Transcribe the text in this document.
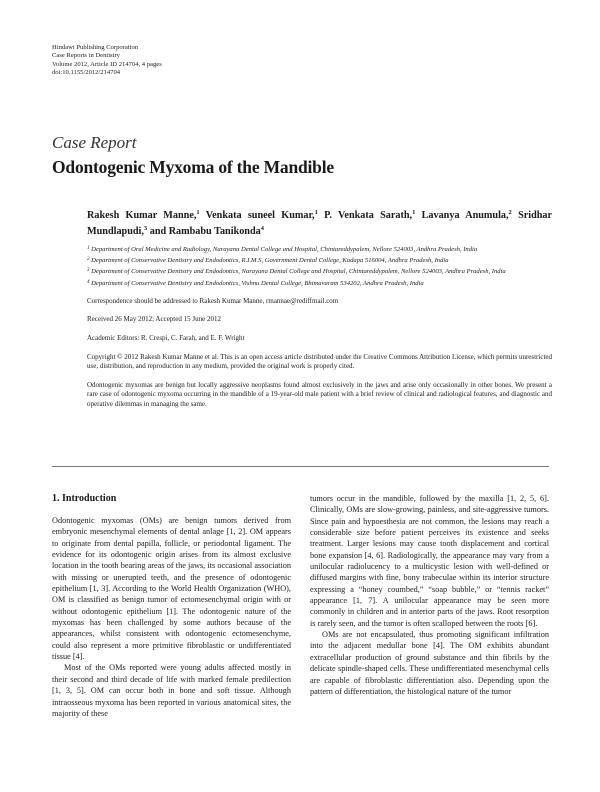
Hindawi Publishing Corporation
Case Reports in Dentistry
Volume 2012, Article ID 214704, 4 pages
doi:10.1155/2012/214704
Case Report
Odontogenic Myxoma of the Mandible

Rakesh Kumar Manne,$^1$ Venkata suneel Kumar,$^1$ P. Venkata Sarath,$^1$ Lavanya Anumula,$^2$ Sridhar Mundlapudi,$^3$ and Rambabu Tanikonda$^4$

$^1$ Department of Oral Medicine and Radiology, Narayana Dental College and Hospital, Chintareddypalem, Nellore 524003, Andhra Pradesh, India

$^2$ Department of Conservative Dentistry and Endodontics, R.I.M.S, Government Dental College, Kadapa 516004, Andhra Pradesh, India

$^3$ Department of Conservative Dentistry and Endodontics, Narayana Dental College and Hospital, Chintareddypalem, Nellore 524003, Andhra Pradesh, India

$^4$ Department of Conservative Dentistry and Endodontics, Vishnu Dental College, Bhimavaram 534202, Andhra Pradesh, India

Correspondence should be addressed to Rakesh Kumar Manne, rmannae@rediffmail.com

Received 26 May 2012; Accepted 15 June 2012

Academic Editors: R. Crespi, C. Farah, and E. F. Wright

Copyright © 2012 Rakesh Kumar Manne et al. This is an open access article distributed under the Creative Commons Attribution License, which permits unrestricted use, distribution, and reproduction in any medium, provided the original work is properly cited.

Odontogenic myxomas are benign but locally aggressive neoplasms found almost exclusively in the jaws and arise only occasionally in other bones. We present a rare case of odontogenic myxoma occurring in the mandible of a 19-year-old male patient with a brief review of clinical and radiological features, and diagnostic and operative dilemmas in managing the same.

1. Introduction

Odontogenic myxomas (OMs) are benign tumors derived from embryonic mesenchymal elements of dental anlage [1, 2]. OM appears to originate from dental papilla, follicle, or periodontal ligament. The evidence for its odontogenic origin arises from its almost exclusive location in the tooth bearing areas of the jaws, its occasional association with missing or unerupted teeth, and the presence of odontogenic epithelium [1, 3]. According to the World Health Organization (WHO), OM is classified as benign tumor of ectomesenchymal origin with or without odontogenic epithelium [1]. The odontogenic nature of the myxomas has been challenged by some authors because of the appearances, whilst consistent with odontogenic ectomesenchyme, could also represent a more primitive fibroblastic or undifferentiated tissue [4].

Most of the OMs reported were young adults affected mostly in their second and third decade of life with marked female predilection [1, 3, 5]. OM can occur both in bone and soft tissue. Although intraosseous myxoma has been reported in various anatomical sites, the majority of these

tumors occur in the mandible, followed by the maxilla [1, 2, 5, 6]. Clinically, OMs are slow-growing, painless, and site-aggressive tumors. Since pain and hypoesthesia are not common, the lesions may reach a considerable size before patient perceives its existence and seeks treatment. Larger lesions may cause tooth displacement and cortical bone expansion [4, 6]. Radiologically, the appearance may vary from a unilocular radiolucency to a multicystic lesion with well-defined or diffused margins with fine, bony trabeculae within its interior structure expressing a “honey coumbed,” “soap bubble,” or “tennis racket” appearance [1, 7]. A unilocular appearance may be seen more commonly in children and in anterior parts of the jaws. Root resorption is rarely seen, and the tumor is often scalloped between the roots [6].

OMs are not encapsulated, thus promoting significant infiltration into the adjacent medullar bone [4]. The OM exhibits abundant extracellular production of ground substance and thin fibrils by the delicate spindle-shaped cells. These undifferentiated mesenchymal cells are capable of fibroblastic differentiation also. Depending upon the pattern of differentiation, the histological nature of the tumor
